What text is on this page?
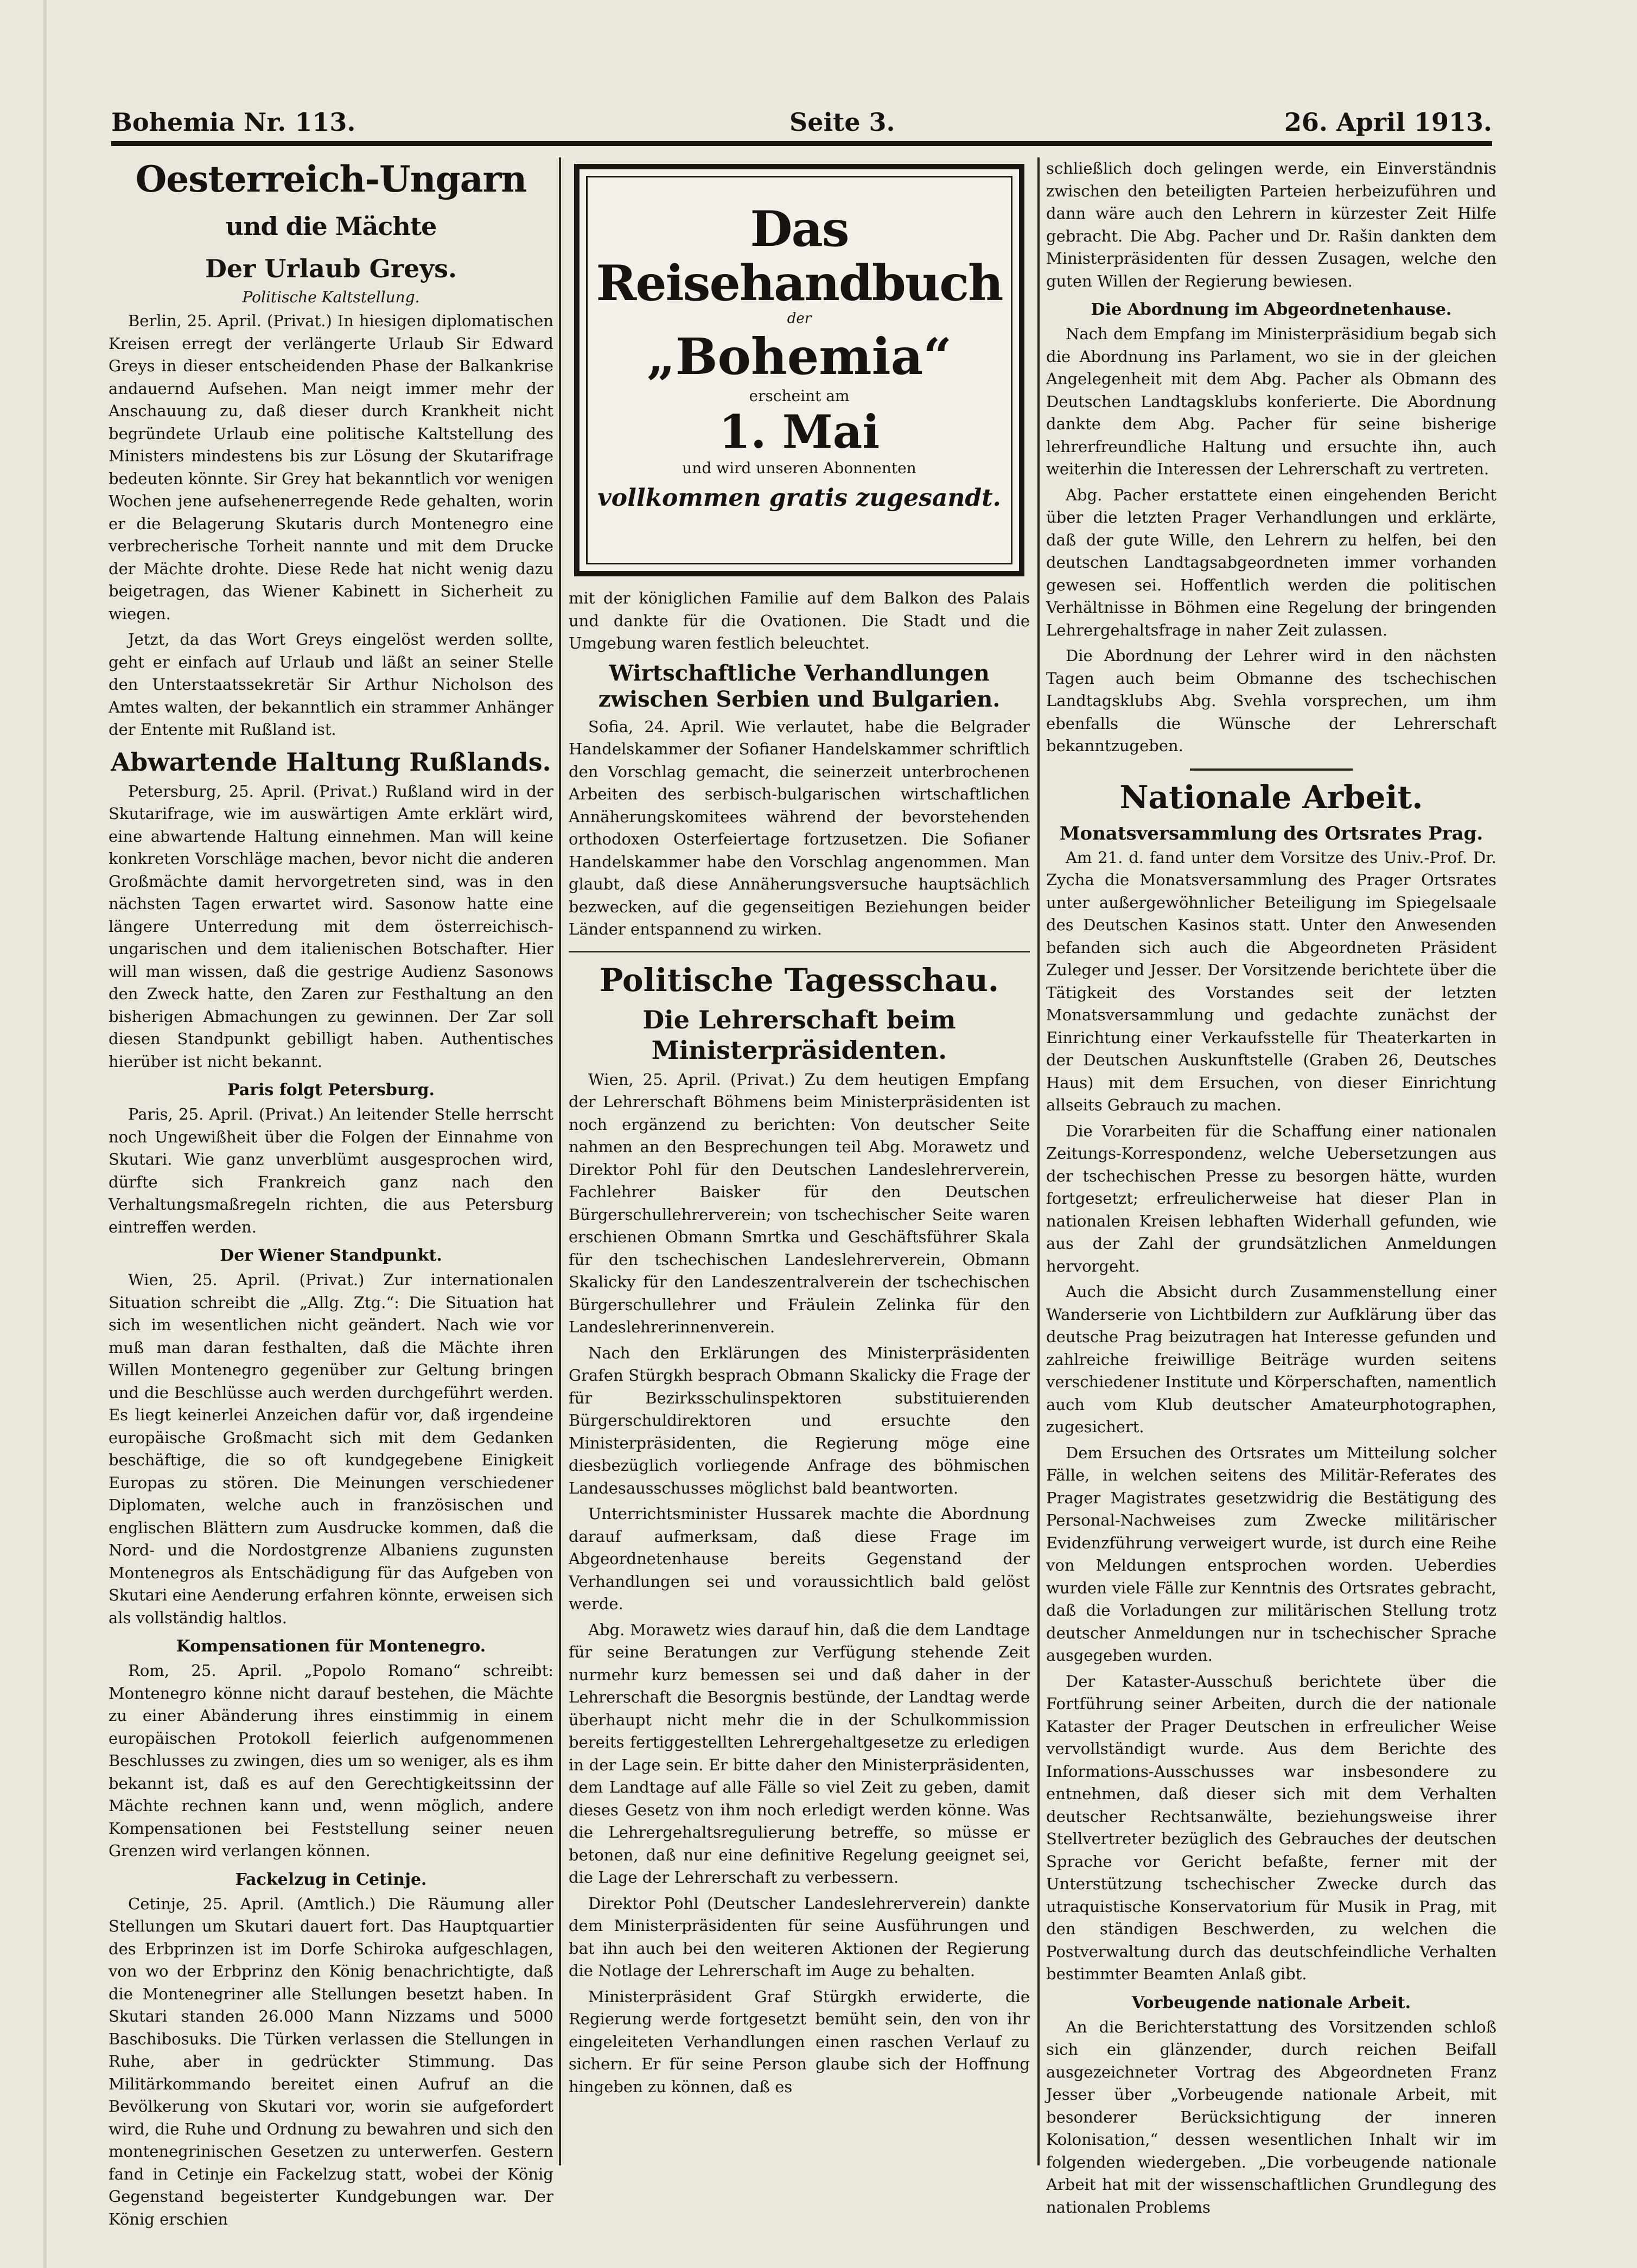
Bohemia Nr. 113.	Seite 3.	26. April 1913.
Oesterreich-Ungarn und die Mächte
Der Urlaub Greys.
Politische Kaltstellung.

Berlin, 25. April. (Privat.) In hiesigen diplomatischen Kreisen erregt der verlängerte Urlaub Sir Edward Greys in dieser entscheidenden Phase der Balkankrise andauernd Aufsehen. Man neigt immer mehr der Anschauung zu, daß dieser durch Krankheit nicht begründete Urlaub eine politische Kaltstellung des Ministers mindestens bis zur Lösung der Skutarifrage bedeuten könnte. Sir Grey hat bekanntlich vor wenigen Wochen jene aufsehenerregende Rede gehalten, worin er die Belagerung Skutaris durch Montenegro eine verbrecherische Torheit nannte und mit dem Drucke der Mächte drohte. Diese Rede hat nicht wenig dazu beigetragen, das Wiener Kabinett in Sicherheit zu wiegen.

Jetzt, da das Wort Greys eingelöst werden sollte, geht er einfach auf Urlaub und läßt an seiner Stelle den Unterstaatssekretär Sir Arthur Nicholson des Amtes walten, der bekanntlich ein strammer Anhänger der Entente mit Rußland ist.

Abwartende Haltung Rußlands.

Petersburg, 25. April. (Privat.) Rußland wird in der Skutarifrage, wie im auswärtigen Amte erklärt wird, eine abwartende Haltung einnehmen. Man will keine konkreten Vorschläge machen, bevor nicht die anderen Großmächte damit hervorgetreten sind, was in den nächsten Tagen erwartet wird. Sasonow hatte eine längere Unterredung mit dem österreichisch-ungarischen und dem italienischen Botschafter. Hier will man wissen, daß die gestrige Audienz Sasonows den Zweck hatte, den Zaren zur Festhaltung an den bisherigen Abmachungen zu gewinnen. Der Zar soll diesen Standpunkt gebilligt haben. Authentisches hierüber ist nicht bekannt.

Paris folgt Petersburg.

Paris, 25. April. (Privat.) An leitender Stelle herrscht noch Ungewißheit über die Folgen der Einnahme von Skutari. Wie ganz unverblümt ausgesprochen wird, dürfte sich Frankreich ganz nach den Verhaltungsmaßregeln richten, die aus Petersburg eintreffen werden.

Der Wiener Standpunkt.

Wien, 25. April. (Privat.) Zur internationalen Situation schreibt die „Allg. Ztg.“: Die Situation hat sich im wesentlichen nicht geändert. Nach wie vor muß man daran festhalten, daß die Mächte ihren Willen Montenegro gegenüber zur Geltung bringen und die Beschlüsse auch werden durchgeführt werden. Es liegt keinerlei Anzeichen dafür vor, daß irgendeine europäische Großmacht sich mit dem Gedanken beschäftige, die so oft kundgegebene Einigkeit Europas zu stören. Die Meinungen verschiedener Diplomaten, welche auch in französischen und englischen Blättern zum Ausdrucke kommen, daß die Nord- und die Nordostgrenze Albaniens zugunsten Montenegros als Entschädigung für das Aufgeben von Skutari eine Aenderung erfahren könnte, erweisen sich als vollständig haltlos.

Kompensationen für Montenegro.

Rom, 25. April. „Popolo Romano“ schreibt: Montenegro könne nicht darauf bestehen, die Mächte zu einer Abänderung ihres einstimmig in einem europäischen Protokoll feierlich aufgenommenen Beschlusses zu zwingen, dies um so weniger, als es ihm bekannt ist, daß es auf den Gerechtigkeitssinn der Mächte rechnen kann und, wenn möglich, andere Kompensationen bei Feststellung seiner neuen Grenzen wird verlangen können.

Fackelzug in Cetinje.

Cetinje, 25. April. (Amtlich.) Die Räumung aller Stellungen um Skutari dauert fort. Das Hauptquartier des Erbprinzen ist im Dorfe Schiroka aufgeschlagen, von wo der Erbprinz den König benachrichtigte, daß die Montenegriner alle Stellungen besetzt haben. In Skutari standen 26.000 Mann Nizzams und 5000 Baschibosuks. Die Türken verlassen die Stellungen in Ruhe, aber in gedrückter Stimmung. Das Militärkommando bereitet einen Aufruf an die Bevölkerung von Skutari vor, worin sie aufgefordert wird, die Ruhe und Ordnung zu bewahren und sich den montenegrinischen Gesetzen zu unterwerfen. Gestern fand in Cetinje ein Fackelzug statt, wobei der König Gegenstand begeisterter Kundgebungen war. Der König erschien

Das Reisehandbuch
der
„Bohemia“
erscheint am
1. Mai
und wird unseren Abonnenten
vollkommen gratis zugesandt.

mit der königlichen Familie auf dem Balkon des Palais und dankte für die Ovationen. Die Stadt und die Umgebung waren festlich beleuchtet.

Wirtschaftliche Verhandlungen zwischen Serbien und Bulgarien.

Sofia, 24. April. Wie verlautet, habe die Belgrader Handelskammer der Sofianer Handelskammer schriftlich den Vorschlag gemacht, die seinerzeit unterbrochenen Arbeiten des serbisch-bulgarischen wirtschaftlichen Annäherungskomitees während der bevorstehenden orthodoxen Osterfeiertage fortzusetzen. Die Sofianer Handelskammer habe den Vorschlag angenommen. Man glaubt, daß diese Annäherungsversuche hauptsächlich bezwecken, auf die gegenseitigen Beziehungen beider Länder entspannend zu wirken.

Politische Tagesschau.
Die Lehrerschaft beim Ministerpräsidenten.

Wien, 25. April. (Privat.) Zu dem heutigen Empfang der Lehrerschaft Böhmens beim Ministerpräsidenten ist noch ergänzend zu berichten: Von deutscher Seite nahmen an den Besprechungen teil Abg. Morawetz und Direktor Pohl für den Deutschen Landeslehrerverein, Fachlehrer Baisker für den Deutschen Bürgerschullehrerverein; von tschechischer Seite waren erschienen Obmann Smrtka und Geschäftsführer Skala für den tschechischen Landeslehrerverein, Obmann Skalicky für den Landeszentralverein der tschechischen Bürgerschullehrer und Fräulein Zelinka für den Landeslehrerinnenverein.

Nach den Erklärungen des Ministerpräsidenten Grafen Stürgkh besprach Obmann Skalicky die Frage der für Bezirksschulinspektoren substituierenden Bürgerschuldirektoren und ersuchte den Ministerpräsidenten, die Regierung möge eine diesbezüglich vorliegende Anfrage des böhmischen Landesausschusses möglichst bald beantworten.

Unterrichtsminister Hussarek machte die Abordnung darauf aufmerksam, daß diese Frage im Abgeordnetenhause bereits Gegenstand der Verhandlungen sei und voraussichtlich bald gelöst werde.

Abg. Morawetz wies darauf hin, daß die dem Landtage für seine Beratungen zur Verfügung stehende Zeit nurmehr kurz bemessen sei und daß daher in der Lehrerschaft die Besorgnis bestünde, der Landtag werde überhaupt nicht mehr die in der Schulkommission bereits fertiggestellten Lehrergehaltgesetze zu erledigen in der Lage sein. Er bitte daher den Ministerpräsidenten, dem Landtage auf alle Fälle so viel Zeit zu geben, damit dieses Gesetz von ihm noch erledigt werden könne. Was die Lehrergehaltsregulierung betreffe, so müsse er betonen, daß nur eine definitive Regelung geeignet sei, die Lage der Lehrerschaft zu verbessern.

Direktor Pohl (Deutscher Landeslehrerverein) dankte dem Ministerpräsidenten für seine Ausführungen und bat ihn auch bei den weiteren Aktionen der Regierung die Notlage der Lehrerschaft im Auge zu behalten.

Ministerpräsident Graf Stürgkh erwiderte, die Regierung werde fortgesetzt bemüht sein, den von ihr eingeleiteten Verhandlungen einen raschen Verlauf zu sichern. Er für seine Person glaube sich der Hoffnung hingeben zu können, daß es

schließlich doch gelingen werde, ein Einverständnis zwischen den beteiligten Parteien herbeizuführen und dann wäre auch den Lehrern in kürzester Zeit Hilfe gebracht. Die Abg. Pacher und Dr. Rašin dankten dem Ministerpräsidenten für dessen Zusagen, welche den guten Willen der Regierung bewiesen.

Die Abordnung im Abgeordnetenhause.

Nach dem Empfang im Ministerpräsidium begab sich die Abordnung ins Parlament, wo sie in der gleichen Angelegenheit mit dem Abg. Pacher als Obmann des Deutschen Landtagsklubs konferierte. Die Abordnung dankte dem Abg. Pacher für seine bisherige lehrerfreundliche Haltung und ersuchte ihn, auch weiterhin die Interessen der Lehrerschaft zu vertreten.

Abg. Pacher erstattete einen eingehenden Bericht über die letzten Prager Verhandlungen und erklärte, daß der gute Wille, den Lehrern zu helfen, bei den deutschen Landtagsabgeordneten immer vorhanden gewesen sei. Hoffentlich werden die politischen Verhältnisse in Böhmen eine Regelung der bringenden Lehrergehaltsfrage in naher Zeit zulassen.

Die Abordnung der Lehrer wird in den nächsten Tagen auch beim Obmanne des tschechischen Landtagsklubs Abg. Svehla vorsprechen, um ihm ebenfalls die Wünsche der Lehrerschaft bekanntzugeben.

Nationale Arbeit.
Monatsversammlung des Ortsrates Prag.

Am 21. d. fand unter dem Vorsitze des Univ.-Prof. Dr. Zycha die Monatsversammlung des Prager Ortsrates unter außergewöhnlicher Beteiligung im Spiegelsaale des Deutschen Kasinos statt. Unter den Anwesenden befanden sich auch die Abgeordneten Präsident Zuleger und Jesser. Der Vorsitzende berichtete über die Tätigkeit des Vorstandes seit der letzten Monatsversammlung und gedachte zunächst der Einrichtung einer Verkaufsstelle für Theaterkarten in der Deutschen Auskunftstelle (Graben 26, Deutsches Haus) mit dem Ersuchen, von dieser Einrichtung allseits Gebrauch zu machen.

Die Vorarbeiten für die Schaffung einer nationalen Zeitungs-Korrespondenz, welche Uebersetzungen aus der tschechischen Presse zu besorgen hätte, wurden fortgesetzt; erfreulicherweise hat dieser Plan in nationalen Kreisen lebhaften Widerhall gefunden, wie aus der Zahl der grundsätzlichen Anmeldungen hervorgeht.

Auch die Absicht durch Zusammenstellung einer Wanderserie von Lichtbildern zur Aufklärung über das deutsche Prag beizutragen hat Interesse gefunden und zahlreiche freiwillige Beiträge wurden seitens verschiedener Institute und Körperschaften, namentlich auch vom Klub deutscher Amateurphotographen, zugesichert.

Dem Ersuchen des Ortsrates um Mitteilung solcher Fälle, in welchen seitens des Militär-Referates des Prager Magistrates gesetzwidrig die Bestätigung des Personal-Nachweises zum Zwecke militärischer Evidenzführung verweigert wurde, ist durch eine Reihe von Meldungen entsprochen worden. Ueberdies wurden viele Fälle zur Kenntnis des Ortsrates gebracht, daß die Vorladungen zur militärischen Stellung trotz deutscher Anmeldungen nur in tschechischer Sprache ausgegeben wurden.

Der Kataster-Ausschuß berichtete über die Fortführung seiner Arbeiten, durch die der nationale Kataster der Prager Deutschen in erfreulicher Weise vervollständigt wurde. Aus dem Berichte des Informations-Ausschusses war insbesondere zu entnehmen, daß dieser sich mit dem Verhalten deutscher Rechtsanwälte, beziehungsweise ihrer Stellvertreter bezüglich des Gebrauches der deutschen Sprache vor Gericht befaßte, ferner mit der Unterstützung tschechischer Zwecke durch das utraquistische Konservatorium für Musik in Prag, mit den ständigen Beschwerden, zu welchen die Postverwaltung durch das deutschfeindliche Verhalten bestimmter Beamten Anlaß gibt.

Vorbeugende nationale Arbeit.

An die Berichterstattung des Vorsitzenden schloß sich ein glänzender, durch reichen Beifall ausgezeichneter Vortrag des Abgeordneten Franz Jesser über „Vorbeugende nationale Arbeit, mit besonderer Berücksichtigung der inneren Kolonisation,“ dessen wesentlichen Inhalt wir im folgenden wiedergeben. „Die vorbeugende nationale Arbeit hat mit der wissenschaftlichen Grundlegung des nationalen Problems
